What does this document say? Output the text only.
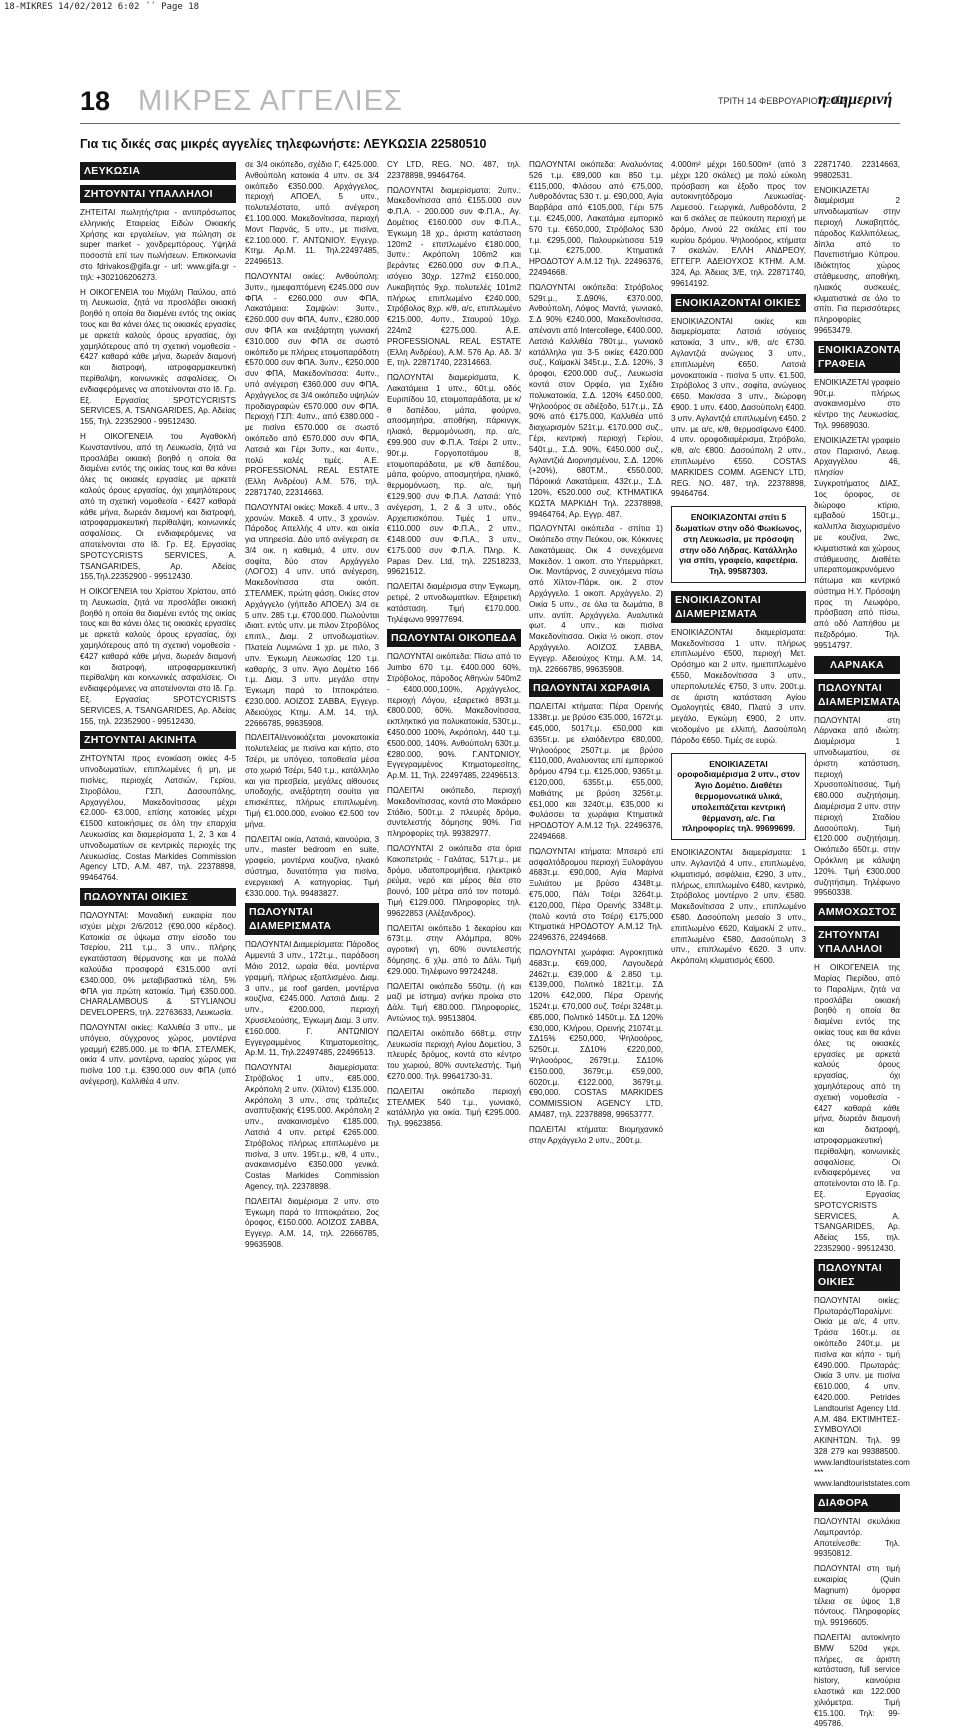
18-MIKRES 14/02/2012 6:02 ΄΄ Page 18
18 ΜΙΚΡΕΣ ΑΓΓΕΛΙΕΣ	ΤΡΙΤΗ 14 ΦΕΒΡΟΥΑΡΙΟΥ 2012
η σημερινή
Για τις δικές σας μικρές αγγελίες τηλεφωνήστε: ΛΕΥΚΩΣΙΑ 22580510
ΛΕΥΚΩΣΙΑ
ΖΗΤΟΥΝΤΑΙ ΥΠΑΛΛΗΛΟΙ

ΖΗΤΕΙΤΑΙ πωλητής/τρια - αντιπρόσωπος ελληνικής Εταιρείας Ειδών Οικιακής Χρήσης και εργαλείων, για πώληση σε super market - χονδρεμπόρους. Υψηλά ποσοστά επί των πωλήσεων. Επικοινωνία στο fdrivakos@gifa.gr - url: www.gifa.gr - τηλ: +302106206273.

Η ΟΙΚΟΓΕΝΕΙΑ του Μιχάλη Παύλου, από τη Λευκωσία, ζητά να προσλάβει οικιακή βοηθό η οποία θα διαμένει εντός της οικίας τους και θα κάνει όλες τις οικιακές εργασίες με αρκετά καλούς όρους εργασίας, όχι χαμηλότερους από τη σχετική νομοθεσία - €427 καθαρά κάθε μήνα, δωρεάν διαμονή και διατροφή, ιατροφαρμακευτική περίθαλψη, κοινωνικές ασφαλίσεις. Οι ενδιαφερόμενες να αποτείνονται στο Ιδ. Γρ. Εξ. Εργασίας SPOTCYCRISTS SERVICES, A. TSANGARIDES, Αρ. Αδείας 155, Τηλ. 22352900 - 99512430.

Η ΟΙΚΟΓΕΝΕΙΑ του Αγαθοκλή Κωνσταντίνου, από τη Λευκωσία, ζητά να προσλάβει οικιακή βοηθό η οποία θα διαμένει εντός της οικίας τους και θα κάνει όλες τις οικιακές εργασίες με αρκετά καλούς όρους εργασίας, όχι χαμηλότερους από τη σχετική νομοθεσία - €427 καθαρά κάθε μήνα, δωρεάν διαμονή και διατροφή, ιατροφαρμακευτική περίθαλψη, κοινωνικές ασφαλίσεις. Οι ενδιαφερόμενες να αποτείνονται στο Ιδ. Γρ. Εξ. Εργασίας SPOTCYCRISTS SERVICES, A. TSANGARIDES, Αρ. Αδείας 155,Τηλ.22352900 - 99512430.

Η ΟΙΚΟΓΕΝΕΙΑ του Χρίστου Χρίστου, από τη Λευκωσία, ζητά να προσλάβει οικιακή βοηθό η οποία θα διαμένει εντός της οικίας τους και θα κάνει όλες τις οικιακές εργασίες με αρκετά καλούς όρους εργασίας, όχι χαμηλότερους από τη σχετική νομοθεσία - €427 καθαρά κάθε μήνα, δωρεάν διαμονή και διατροφή, ιατροφαρμακευτική περίθαλψη και κοινωνικές ασφαλίσεις. Οι ενδιαφερόμενες να αποτείνονται στο Ιδ. Γρ. Εξ. Εργασίας SPOTCYCRISTS SERVICES, A. TSANGARIDES, Αρ. Αδείας 155, τηλ. 22352900 - 99512430.

ΖΗΤΟΥΝΤΑΙ ΑΚΙΝΗΤΑ

ΖΗΤΟΥΝΤΑΙ προς ενοικίαση οικίες 4-5 υπνοδωματίων, επιπλωμένες ή μη, με πισίνες, περιοχές Λατσιών, Γερίου, Στροβόλου, ΓΣΠ, Δασουπόλης, Αρχαγγέλου, Μακεδονίτισσας μέχρι €2.000- €3.000, επίσης κατοικίες μέχρι €1500 κατοικήσιμες σε όλη την επαρχία Λευκωσίας και διαμερίσματα 1, 2, 3 και 4 υπνοδωματίων σε κεντρικές περιοχές της Λευκωσίας. Costas Markides Commission Agency LTD, A.M. 487, τηλ. 22378898, 99464764.

ΠΩΛΟΥΝΤΑΙ ΟΙΚΙΕΣ

ΠΩΛΟΥΝΤΑΙ: Μοναδική ευκαιρία που ισχύει μέχρι 2/6/2012 (€90.000 κέρδος). Κατοικία σε ύψωμα στην είσοδο του Τσερίου, 211 τ.μ., 3 υπν., πλήρης εγκατάσταση θέρμανσης και με πολλά καλούδια προσφορά €315.000 αντί €340.000, 0% μεταβιβαστικά τέλη, 5% ΦΠΑ για πρώτη κατοικία. Τιμή €350.000. CHARALAMBOUS & STYLIANOU DEVELOPERS, τηλ. 22763633, Λευκωσία.

ΠΩΛΟΥΝΤΑΙ οικίες: Καλλιθέα 3 υπν., με υπόγειο, σύγχρονος χώρος, μοντέρνα γραμμή €285.000. με το ΦΠΑ. ΣΤΕΛΜΕΚ, οικία 4 υπν. μοντέρνα, ωραίος χώρος για πισίνα 100 τ.μ. €390.000 συν ΦΠΑ (υπό ανέγερση), Καλλιθέα 4 υπν.

σε 3/4 οικόπεδο, σχέδιο Γ, €425.000. Ανθούπολη κατοικία 4 υπν. σε 3/4 οικόπεδο €350.000. Αρχάγγελος, περιοχή ΑΠΟΕΛ, 5 υπν., πολυτελέστατο, υπό ανέγερση €1.100.000. Μακεδονίτισσα, περιοχή Μοντ Παρνάς, 5 υπν., με πισίνα, €2.100.000. Γ. ΑΝΤΩΝΙΟΥ. Εγγεγρ. Κτημ. Αρ.Μ. 11. Τηλ.22497485, 22496513.

ΠΩΛΟΥΝΤΑΙ οικίες: Ανθούπολη: 3υπν., ημιεφαπτόμενη €245.000 συν ΦΠΑ - €260.000 συν ΦΠΑ, Λακατάμεια: Σαμψών: 3υπν., €260.000 συν ΦΠΑ, 4υπν., €280.000 συν ΦΠΑ και ανεξάρτητη γωνιακή €310.000 συν ΦΠΑ σε σωστό οικόπεδο με πλήρεις ετοιμοπαράδοτη €570.000 συν ΦΠΑ. 3υπν., €250.000 συν ΦΠΑ, Μακεδονίτισσα: 4υπν., υπό ανέγερση €360.000 συν ΦΠΑ, Αρχάγγελος σε 3/4 οικόπεδο υψηλών προδιαγραφών €570.000 συν ΦΠΑ. Περιοχή ΓΣΠ: 4υπν., από €380.000 - με πισίνα €570.000 σε σωστό οικόπεδο από €570.000 συν ΦΠΑ, Λατσιά και Γέρι 3υπν., και 4υπν., πολύ καλές τιμές. A.E. PROFESSIONAL REAL ESTATE (Ελλη Ανδρέου) A.M. 576, τηλ. 22871740, 22314663.

ΠΩΛΟΥΝΤΑΙ οικίες: Μακεδ. 4 υπν., 3 χρονών. Μακεδ. 4 υπν., 3 χρονών. Πάροδος Απελλής 4 υπν. και οικία για υπηρεσία. Δύο υπό ανέγερση σε 3/4 οικ. η καθεμιά, 4 υπν. συν σοφίτα, δύο στον Αρχάγγελο (ΛΟΓΟΣ) 4 υπν. υπό ανέγερση, Μακεδονίτισσα στα οικόπ. ΣΤΕΛΜΕΚ, πρώτη φάση. Οικίες στον Αρχάγγελο (γήπεδο ΑΠΟΕΛ) 3/4 σε 5 υπν. 285 τ.μ. €700.000. Πωλούνται ιδιαιτ. εντός υπν. με πιλον Στροβόλος επιπλ., Διαμ. 2 υπνοδωματίων. Πλατεία Λυμνιώνα 1 χρ. με πιλο, 3 υπν. Έγκωμη Λευκωσίας 120 τ.μ. καθαρής, 3 υπν. Άγιο Δομέτιο 166 τ.μ. Διαμ. 3 υπν. μεγάλο στην Έγκωμη παρά το Ιπποκράτειο. €230.000. ΑΟΙΖΟΣ ΣΑΒΒΑ, Εγγεγρ. Αδειούχος Κτημ. Α.Μ. 14, τηλ. 22666785, 99635908.

ΠΩΛΕΙΤΑΙ/ενοικιάζεται μονοκατοικία πολυτελείας με πισίνα και κήπο, στο Τσέρι, με υπόγειο, τοποθεσία μέσα στο χωριό Τσέρι, 540 τ.μ., κατάλληλο και για πρεσβεία, μεγάλες αίθουσες υποδοχής, ανεξάρτητη σουίτα για επισκέπτες, πλήρως επιπλωμένη. Τιμή €1.000.000, ενοίκιο €2.500 τον μήνα.

ΠΩΛΕΙΤΑΙ οικία, Λατσιά, καινούρια, 3 υπν., master bedroom en suite, γραφείο, μοντέρνα κουζίνα, ηλιακό σύστημα, δυνατότητα για πισίνα, ενεργειακή Α κατηγορίας. Τιμή €330.000. Τηλ. 99483827.

ΠΩΛΟΥΝΤΑΙ ΔΙΑΜΕΡΙΣΜΑΤΑ

ΠΩΛΟΥΝΤΑΙ Διαμερίσματα: Πάροδος Αμμεντά 3 υπν., 172τ.μ., παράδοση Μάιο 2012, ωραία θέα, μοντέρνα γραμμή, πλήρως εξοπλισμένο. Διαμ. 3 υπν., με roof garden, μοντέρνα κουζίνα, €245.000. Λατσιά Διαμ. 2 υπν., €200.000, περιοχή Χρυσελεούσης, Έγκωμη Διαμ. 3 υπν. €160.000. Γ. ΑΝΤΩΝΙΟΥ Εγγεγραμμένος Κτηματομεσίτης, Αρ.Μ. 11, Τηλ.22497485, 22496513.

ΠΩΛΟΥΝΤΑΙ διαμερίσματα: Στρόβολος 1 υπν., €85.000. Ακρόπολη 2 υπν. (Χίλτον) €135.000. Ακρόπολη 3 υπν., στις τράπεζες αναπτυξιακής €195.000. Ακρόπολη 2 υπν., ανακαινισμένο €185.000. Λατσιά 4 υπν. ρετιρέ €265.000. Στρόβολος πλήρως επιπλωμένο με πισίνα, 3 υπν. 195τ.μ., κ/θ, 4 υπν., ανακαινισμένο €350.000 γενικά. Costas Markides Commission Agency, τηλ. 22378898.

ΠΩΛΕΙΤΑΙ διαμέρισμα 2 υπν. στο Έγκωμη παρά το Ιπποκράτειο, 2ος όροφος, €150.000. ΑΟΙΖΟΣ ΣΑΒΒΑ, Εγγεγρ. Α.Μ. 14, τηλ. 22666785, 99635908.

CY LTD, REG. NO. 487, τηλ. 22378898, 99464764.

ΠΩΛΟΥΝΤΑΙ διαμερίσματα: 2υπν.: Μακεδονίτισσα από €155.000 συν Φ.Π.Α. - 200.000 συν Φ.Π.Α., Αγ. Δομέτιος €160.000 συν Φ.Π.Α., Έγκωμη 18 χρ., άριστη κατάσταση 120m2 - επιπλωμένο €180.000, 3υπν.: Ακρόπολη 106m2 και βεράντες €260.000 συν Φ.Π.Α., ισόγειο 30χρ. 127m2 €150.000, Λυκαβηττός 9χρ. πολυτελές 101m2 πλήρως επιπλωμένο €240.000, Στρόβολος 8χρ. κ/θ, α/c, επιπλωμένο €215.000, 4υπν., Σταυρού 10χρ. 224m2 €275.000. A.E. PROFESSIONAL REAL ESTATE (Ελλη Ανδρέου), A.M. 576 Αρ. Αδ. 3/Ε, τηλ. 22871740, 22314663.

ΠΩΛΟΥΝΤΑΙ διαμερίσματα, Κ. Λακατάμεια 1 υπν., 60τ.μ. οδός Ευριπίδου 10, ετοιμοπαράδοτα, με κ/θ δαπέδου, μάπα, φούρνο, αποσμητήρα, αποθήκη, πάρκινγκ, ηλιακό, θερμομόνωση, πρ. α/c, €99.900 συν Φ.Π.Α. Τσέρι 2 υπν., 90τ.μ. Γοργοποτάμου 8, ετοιμοπαράδοτα, με κ/θ δαπέδου, μάπα, φούρνο, αποσμητήρα, ηλιακό, θερμομόνωση, πρ. α/c, τιμή €129.900 συν Φ.Π.Α. Λατσιά: Υπό ανέγερση, 1, 2 & 3 υπν., οδός Αρχιεπισκόπου. Τιμές 1 υπν., €110.000 συν Φ.Π.Α., 2 υπν., €148.000 συν Φ.Π.Α., 3 υπν., €175.000 συν Φ.Π.Α. Πληρ. Κ. Papas Dev. Ltd, τηλ. 22518233, 99621512.

ΠΩΛΕΙΤΑΙ διαμέρισμα στην Έγκωμη, ρετιρέ, 2 υπνοδωματίων. Εξαιρετική κατάσταση. Τιμή €170.000. Τηλέφωνο 99977694.

ΠΩΛΟΥΝΤΑΙ ΟΙΚΟΠΕΔΑ

ΠΩΛΟΥΝΤΑΙ οικόπεδα: Πίσω από το Jumbo 670 τ.μ. €400.000 60%, Στρόβολος, πάροδος Αθηνών 540m2 - €400.000,100%, Αρχάγγελος, περιοχή Λόγου, εξαιρετικό 893τ.μ. €800.000, 60%. Μακεδονίτισσα, εκπληκτικό για πολυκατοικία, 530τ.μ., €450.000 100%, Ακρόπολη, 440 τ.μ. €500.000, 140%. Ανθούπολη 630τ.μ. €280.000, 90%. Γ.ΑΝΤΩΝΙΟΥ, Εγγεγραμμένος Κτηματομεσίτης, Αρ.Μ. 11, Τηλ. 22497485, 22496513.

ΠΩΛΕΙΤΑΙ οικόπεδο, περιοχή Μακεδονίτισσας, κοντά στο Μακάρειο Στάδιο, 500τ.μ. 2 πλευρές δρόμο, συντελεστής δόμησης 90%. Για πληροφορίες τηλ. 99382977.

ΠΩΛΟΥΝΤΑΙ 2 οικόπεδα στα όρια Κακοπετριάς - Γαλάτας, 517τ.μ., με δρόμο, υδατοπρομήθεια, ηλεκτρικό ρεύμα, νερό και μέρος θέα στο βουνό, 100 μέτρα από τον ποταμό. Τιμή €129.000. Πληροφορίες τηλ. 99622853 (Αλέξανδρος).

ΠΩΛΕΙΤΑΙ οικόπεδο 1 δεκαρίου και 673τ.μ. στην Αλάμπρα, 80% αγροτική γη, 60% συντελεστής δόμησης. 6 χλμ. από το Δάλι. Τιμή €29.000. Τηλέφωνο 99724248.

ΠΩΛΕΙΤΑΙ οικόπεδο 550τμ. (ή και μαζί με ίστημα) ανήκει προίκα στο Δάλι. Τιμή €80.000. Πληροφορίες, Αντώνιος τηλ. 99513804.

ΠΩΛΕΙΤΑΙ οικόπεδο 668τ.μ. στην Λευκωσία περιοχή Αγίου Δομετίου, 3 πλευρές δρόμος, κοντά στο κέντρο του χωριού, 80% συντελεστής. Τιμή €270.000. Τηλ. 99641730-31.

ΠΩΛΕΙΤΑΙ οικόπεδο περιοχή ΣΤΕΛΜΕΚ 540 τ.μ., γωνιακό, κατάλληλο για οικία. Τιμή €295.000. Τηλ. 99623856.

ΠΩΛΟΥΝΤΑΙ οικόπεδα: Αναλυόντας 526 τ.μ. €89,000 και 850 τ.μ. €115,000, Φλάσου από €75,000, Λυθροδόντας 530 τ. μ. €90,000, Αγία Βαρβάρα από €105,000, Γέρι 575 τ.μ. €245,000, Λακατάμια εμπορικό 570 τ.μ. €650,000, Στρόβολος 530 τ.μ. €295,000, Παλουριώτισσα 519 τ.μ. €275,000. Κτηματικά ΗΡΟΔΟΤΟΥ Α.Μ.12 Τηλ. 22496376, 22494668.

ΠΩΛΟΥΝΤΑΙ οικόπεδα: Στρόβολος 529τ.μ., Σ.Δ90%, €370.000, Ανθούπολη, Λόφος Μαντά, γωνιακό, Σ.Δ 90% €240.000, Μακεδονίτισσα, απέναντι από Intercollege, €400.000, Λατσιά Καλλιθέα 780τ.μ., γωνιακό κατάλληλο για 3-5 οικίες €420.000 συζ., Καϊμακλί 345τ.μ., Σ.Δ. 120%, 3 όροφοι, €200.000 συζ., Λευκωσία κοντά στον Ορφέα, για Σχέδιο πολυκατοικία, Σ.Δ. 120% €450.000, Ψηλοοόρος σε αδιέξοδο, 517τ.μ., ΣΔ 90% από €175.000, Καλλιθέα υπό διαχωρισμόν 521τ.μ. €170.000 συζ., Γέρι, κεντρική περιοχή Γερίου, 540τ.μ., Σ.Δ. 90%, €450.000 συζ., Αγλαντζιά Διορνησμένου, Σ.Δ. 120% (+20%), 680Τ.Μ., €550.000, Πάροικιά Λακατάμεια, 432τ.μ., Σ.Δ. 120%, €520.000 συζ. ΚΤΗΜΑΤΙΚΑ ΚΩΣΤΑ ΜΑΡΚΙΔΗ Τηλ. 22378898, 99464764, Αρ. Εγγρ. 487.

ΠΩΛΟΥΝΤΑΙ οικόπεδα - σπίτια 1) Οικόπεδο στην Πεύκου, οικ. Κόκκινες Λακατάμειας. Οικ 4 συνεχόμενα Μακεδον. 1 οικοπ. στο Υπερμάρκετ, Οικ. Μοντάρνος, 2 συνεχόμενα πίσω από Χίλτον-Πάρκ. οικ. 2 στον Αρχάγγελο. 1 οικοπ. Αρχάγγελο. 2) Οικία 5 υπν., σε όλα τα δωμάτια, 8 υπν. αντίπ. Αρχάγγελο. Αναλυτικά φωτ. 4 υπν., και πισίνα Μακεδονίτισσα. Οικία ½ οικοπ. στον Αρχάγγελο. ΑΟΙΖΟΣ ΣΑΒΒΑ, Εγγεγρ. Αδειούχος Κτημ. Α.Μ. 14, τηλ. 22666785, 99635908.

ΠΩΛΟΥΝΤΑΙ ΧΩΡΑΦΙΑ

ΠΩΛΕΙΤΑΙ κτήματα: Πέρα Ορεινής 1338τ.μ. με βρύσο €35.000, 1672τ.μ. €45,000, 5017τ.μ. €50,000 και 6355τ.μ. με ελαιόδεντρα €80,000, Ψηλοοόρος 2507τ.μ. με βρύσο €110,000, Αναλυοντας επί εμπορικού δρόμου 4794 τ.μ. €125,000, 9365τ.μ. €120,000, 6355τ.μ. €55,000, Μαθιάτης με βρύση 3256τ.μ. €51,000 και 3240τ.μ. €35,000 κι Φυλάσσει τα χωράφια Κτηματικά ΗΡΟΔΟΤΟΥ Α.Μ.12 Τηλ. 22496376, 22494668.

ΠΩΛΟΥΝΤΑΙ κτήματα: Μπσερό επί ασφαλτόδρομου περιοχή Ξυλοφάγου 4683τ.μ. €90,000, Αγία Μαρίνα Ξυλιάτου με βρύσο 4348τ.μ. €75,000, Πάλι Τσέρι 3264τ.μ. €120,000, Πέρα Ορεινής 3348τ.μ. (πολύ κοντά στο Τσέρι) €175,000 Κτηματικά ΗΡΟΔΟΤΟΥ Α.Μ.12 Τηλ. 22496376, 22494668.

ΠΩΛΟΥΝΤΑΙ χωράφια: Αγροκηπικά 4683τ.μ. €69,000, Λαγουδερά 2462τ.μ. €39,000 & 2.850 τ.μ. €139,000, Πολιτικό 1821τ.μ. ΣΔ 120% €42,000, Πέρα Ορεινής 1524τ.μ. €70,000 συζ. Τσέρι 3248τ.μ. €85,000, Πολιτικό 1450τ.μ. ΣΔ 120% €30,000, Κλήρου, Ορεινής 21074τ.μ. ΣΔ15% €250,000, Ψηλοοόρος, 5250τ.μ. ΣΔ10% €220,000, Ψηλοοόρος, 2679τ.μ. ΣΔ10% €150.000, 3679τ.μ. €59,000, 6020τ.μ. €122.000, 3679τ.μ. €90,000. COSTAS MARKIDES COMMISSION AGENCY LTD, AM487, τηλ. 22378898, 99653777.

ΠΩΛΕΙΤΑΙ κτήματα: Βιομηχανικό στην Αρχάγγελο 2 υπν., 200τ.μ.

4.000m² μέχρι 160.500m² (από 3 μέχρι 120 σκάλες) με πολύ εύκολη πρόσβαση και έξοδο προς τον αυτοκινητόδρομο Λευκωσίας-Λεμεσού. Γεωργικά, Λυθροδόντα, 2 και 6 σκάλες σε πεύκουτη περιοχή με δρόμο, Λινού 22 σκάλες επί του κυρίου δρόμου. Ψηλοοόρος, κτήματα 7 σκαλών. ΕΛΛΗ ΑΝΔΡΕΟΥ, ΕΓΓΕΓΡ. ΑΔΕΙΟΥΧΟΣ ΚΤΗΜ. Α.Μ. 324, Αρ. Άδειας 3/Ε, τηλ. 22871740, 99614192.

ΕΝΟΙΚΙΑΖΟΝΤΑΙ ΟΙΚΙΕΣ

ΕΝΟΙΚΙΑΖΟΝΤΑΙ οικίες και διαμερίσματα: Λατσιά ισόγειος κατοικία, 3 υπν., κ/θ, α/c €730. Αγλαντζιά ανώγειος 3 υπν., επιπλωμένη €650. Λατσιά μονοκατοικία - πισίνα 5 υπν. €1.500, Στρόβολος 3 υπν., σοφίτα, ανώγειος €650. Μακ/σσα 3 υπν., διώροφη €900. 1 υπν. €400, Δασούπολη €400. 3 υπν. Αγλαντζιά επιπλωμένη €450. 2 υπν. με α/c, κ/θ, θερμοσίφωνο €400. 4 υπν. ορoφοδιαμέρισμα, Στρόβολο, κ/θ, α/c €800. Δασούπολη 2 υπν., επιπλωμένο €550. COSTAS MARKIDES COMM. AGENCY LTD, REG. NO. 487, τηλ. 22378898, 99464764.

ΕΝΟΙΚΙΑΖΟΝΤΑΙ σπίτι 5 δωματίων στην οδό Φωκίωνος, στη Λευκωσία, με πρόσοψη στην οδό Λήδρας. Κατάλληλο για σπίτι, γραφείο, καφετέρια. Τηλ. 99587303.
ΕΝΟΙΚΙΑΖΟΝΤΑΙ ΔΙΑΜΕΡΙΣΜΑΤΑ

ΕΝΟΙΚΙΑΖΟΝΤΑΙ διαμερίσματα: Μακεδονίτισσα 1 υπν. πλήρως επιπλωμένο €500, περιοχή Μετ. Ορόσημο και 2 υπν. ημιεπιπλωμένο €550, Μακεδονίτισσα 3 υπν., υπερπολυτελές €750, 3 υπν. 200τ.μ. σε άριστη κατάσταση Αγίου Ομολογητές €840, Πλατύ 3 υπν. μεγάλο, Εγκώμη €900, 2 υπν. νεοδομένο με ελλιπή, Δασούπολη Πάροδο €650. Τιμές σε ευρώ.

ΕΝΟΙΚΙΑΖΕΤΑΙ οροφοδιαμέρισμα 2 υπν., στον Άγιο Δομέτιο. Διαθέτει θερμομονωτικά υλικά, υπολειπάζεται κεντρική θέρμανση, α/c. Για πληροφορίες τηλ. 99699699.

ΕΝΟΙΚΙΑΖΟΝΤΑΙ διαμερίσματα: 1 υπν. Αγλαντζιά 4 υπν., επιπλωμένο, κλιματισμό, ασφάλεια, €290, 3 υπν., πλήρως, επιπλωμένο €480, κεντρικό, Στρόβολος μοντέρνο 2 υπν. €580. Μακεδονίτισσα 2 υπν., επιπλωμένο €580. Δασούπολη μεσαίο 3 υπν., επιπλωμένο €620, Καϊμακλί 2 υπν., επιπλωμένο €580, Δασούπολη 3 υπν., επιπλωμένο €620. 3 υπν. Ακρόπολη κλιματισμός €600.

22871740. 22314663, 99802531.

ΕΝΟΙΚΙΑΖΕΤΑΙ διαμέρισμα 2 υπνοδωματίων στην περιοχή Λυκαβηττός, πάροδος Καλλιπόλεως, δίπλα από το Πανεπιστήμιο Κύπρου. Ιδιόκτητος χώρος στάθμευσης, αποθήκη, ηλιακός συσκευές, κλιματιστικά σε όλο το σπίτι. Για περισσότερες πληροφορίες 99653479.

ΕΝΟΙΚΙΑΖΟΝΤΑΙ ΓΡΑΦΕΙΑ

ΕΝΟΙΚΙΑΖΕΤΑΙ γραφείο 90τ.μ. πλήρως ανακαινισμένο στο κέντρο της Λευκωσίας. Τηλ. 99689030.

ΕΝΟΙΚΙΑΖΕΤΑΙ γραφείο στον Παρισινό, Λεωφ. Αρχαγγέλου 46, πλησίον Συγκροτήματος ΔΙΑΣ, 1ος όροφος, σε διώροφο κτίριο, εμβαδού 150τ.μ., καλλιπλα διαχωρισμένο με κουζίνα, 2wc, κλιματιστικά και χώρους στάθμευσης. Διαθέτει υπεραπομακρυνόμενο πάτωμα και κεντρικό σύστημα Η.Υ. Πρόσοψη προς τη Λεωφόρο, πρόσβαση από πίσω, από οδό Λαπήθου με πεζοδρόμιο. Τηλ. 99514797.

ΛΑΡΝΑΚΑ
ΠΩΛΟΥΝΤΑΙ ΔΙΑΜΕΡΙΣΜΑΤΑ

ΠΩΛΟΥΝΤΑΙ στη Λάρνακα από ιδιώτη: Διαμέρισμα 1 υπνοδωματίου, σε άριστη κατάσταση, περιοχή Χρυσοπολίτισσας. Τιμή €80.000 συζητήσιμη. Διαμέρισμα 2 υπν. στην περιοχή Σταδίου Δασούπολη. Τιμή €120.000 συζητήσιμη. Οικόπεδο 650τ.μ. στην Ορόκλινη με κάλυψη 120%. Τιμή €300.000 συζητήσιμη. Τηλέφωνο 99560338.

ΑΜΜΟΧΩΣΤΟΣ
ΖΗΤΟΥΝΤΑΙ ΥΠΑΛΛΗΛΟΙ

Η ΟΙΚΟΓΕΝΕΙΑ της Μαρίας Πιερίδου, από το Παραλίμνι, ζητά να προσλάβει οικιακή βοηθό η οποία θα διαμένει εντός της οικίας τους και θα κάνει όλες τις οικιακές εργασίες με αρκετά καλούς όρους εργασίας, όχι χαμηλότερους από τη σχετική νομοθεσία - €427 καθαρά κάθε μήνα, δωρεάν διαμονή και διατροφή, ιατροφαρμακευτική περίθαλψη, κοινωνικές ασφαλίσεις. Οι ενδιαφερόμενες να αποτείνονται στο Ιδ. Γρ. Εξ. Εργασίας SPOTCYCRISTS SERVICES, A. TSANGARIDES, Αρ. Αδείας 155, τηλ. 22352900 - 99512430.

ΠΩΛΟΥΝΤΑΙ ΟΙΚΙΕΣ

ΠΩΛΟΥΝΤΑΙ οικίες: Πρωταράς/Παραλίμνι: Οικία με α/c, 4 υπν. Τράσα 160τ.μ. σε οικόπεδο 240τ.μ. με πισίνα και κήπο - τιμή €490.000. Πρωταράς: Οικία 3 υπν. με πισίνα €610.000, 4 υπν. €420.000. Petrides Landtourist Agency Ltd. A.M. 484. ΕΚΤΙΜΗΤΕΣ-ΣΥΜΒΟΥΛΟΙ ΑΚΙΝΗΤΩΝ. Τηλ. 99 328 279 και 99388500. www.landtouriststates.com *** www.landtouriststates.com

ΔΙΑΦΟΡΑ

ΠΩΛΟΥΝΤΑΙ σκυλάκια Λαμπραντόρ. Αποτείνεσθε: Τηλ. 99350812.

ΠΩΛΟΥΝΤΑΙ στη τιμή ευκαιρίας (Quin Magnum) όμορφα τέλεια σε ύψος 1,8 πόντους. Πληροφορίες τηλ. 99196605.

ΠΩΛΕΙΤΑΙ αυτοκίνητο BMW 520d γκρι, πλήρες, σε άριστη κατάσταση, full service history, καινούρια ελαστικά και 122.000 χιλιόμετρα. Τιμή €15.100. Τηλ: 99-495786.
